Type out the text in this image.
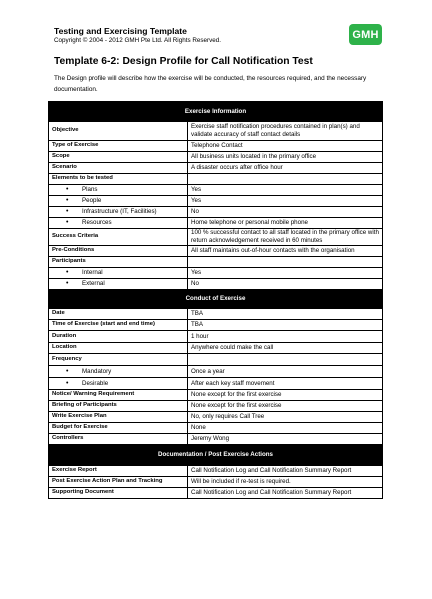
Testing and Exercising Template
Copyright © 2004 - 2012 GMH Pte Ltd. All Rights Reserved.	GMH
Template 6-2: Design Profile for Call Notification Test
The Design profile will describe how the exercise will be conducted, the resources required, and the necessary documentation.
Exercise Information	
Objective	Exercise staff notification procedures contained in plan(s) and validate accuracy of staff contact details
Type of Exercise	Telephone Contact
Scope	All business units located in the primary office
Scenario	A disaster occurs after office hour
Elements to be tested	
• Plans	Yes
• People	Yes
• Infrastructure (IT, Facilities)	No
• Resources	Home telephone or personal mobile phone
Success Criteria	100 % successful contact to all staff located in the primary office with return acknowledgement received in 60 minutes
Pre-Conditions	All staff maintains out-of-hour contacts with the organisation
Participants	
• Internal	Yes
• External	No
Conduct of Exercise	
Date	TBA
Time of Exercise (start and end time)	TBA
Duration	1 hour
Location	Anywhere could make the call
Frequency	
• Mandatory	Once a year
• Desirable	After each key staff movement
Notice/ Warning Requirement	None except for the first exercise
Briefing of Participants	None except for the first exercise
Write Exercise Plan	No, only requires Call Tree
Budget for Exercise	None
Controllers	Jeremy Wong
Documentation / Post Exercise Actions	
Exercise Report	Call Notification Log and Call Notification Summary Report
Post Exercise Action Plan and Tracking	Will be included if re-test is required.
Supporting Document	Call Notification Log and Call Notification Summary Report
